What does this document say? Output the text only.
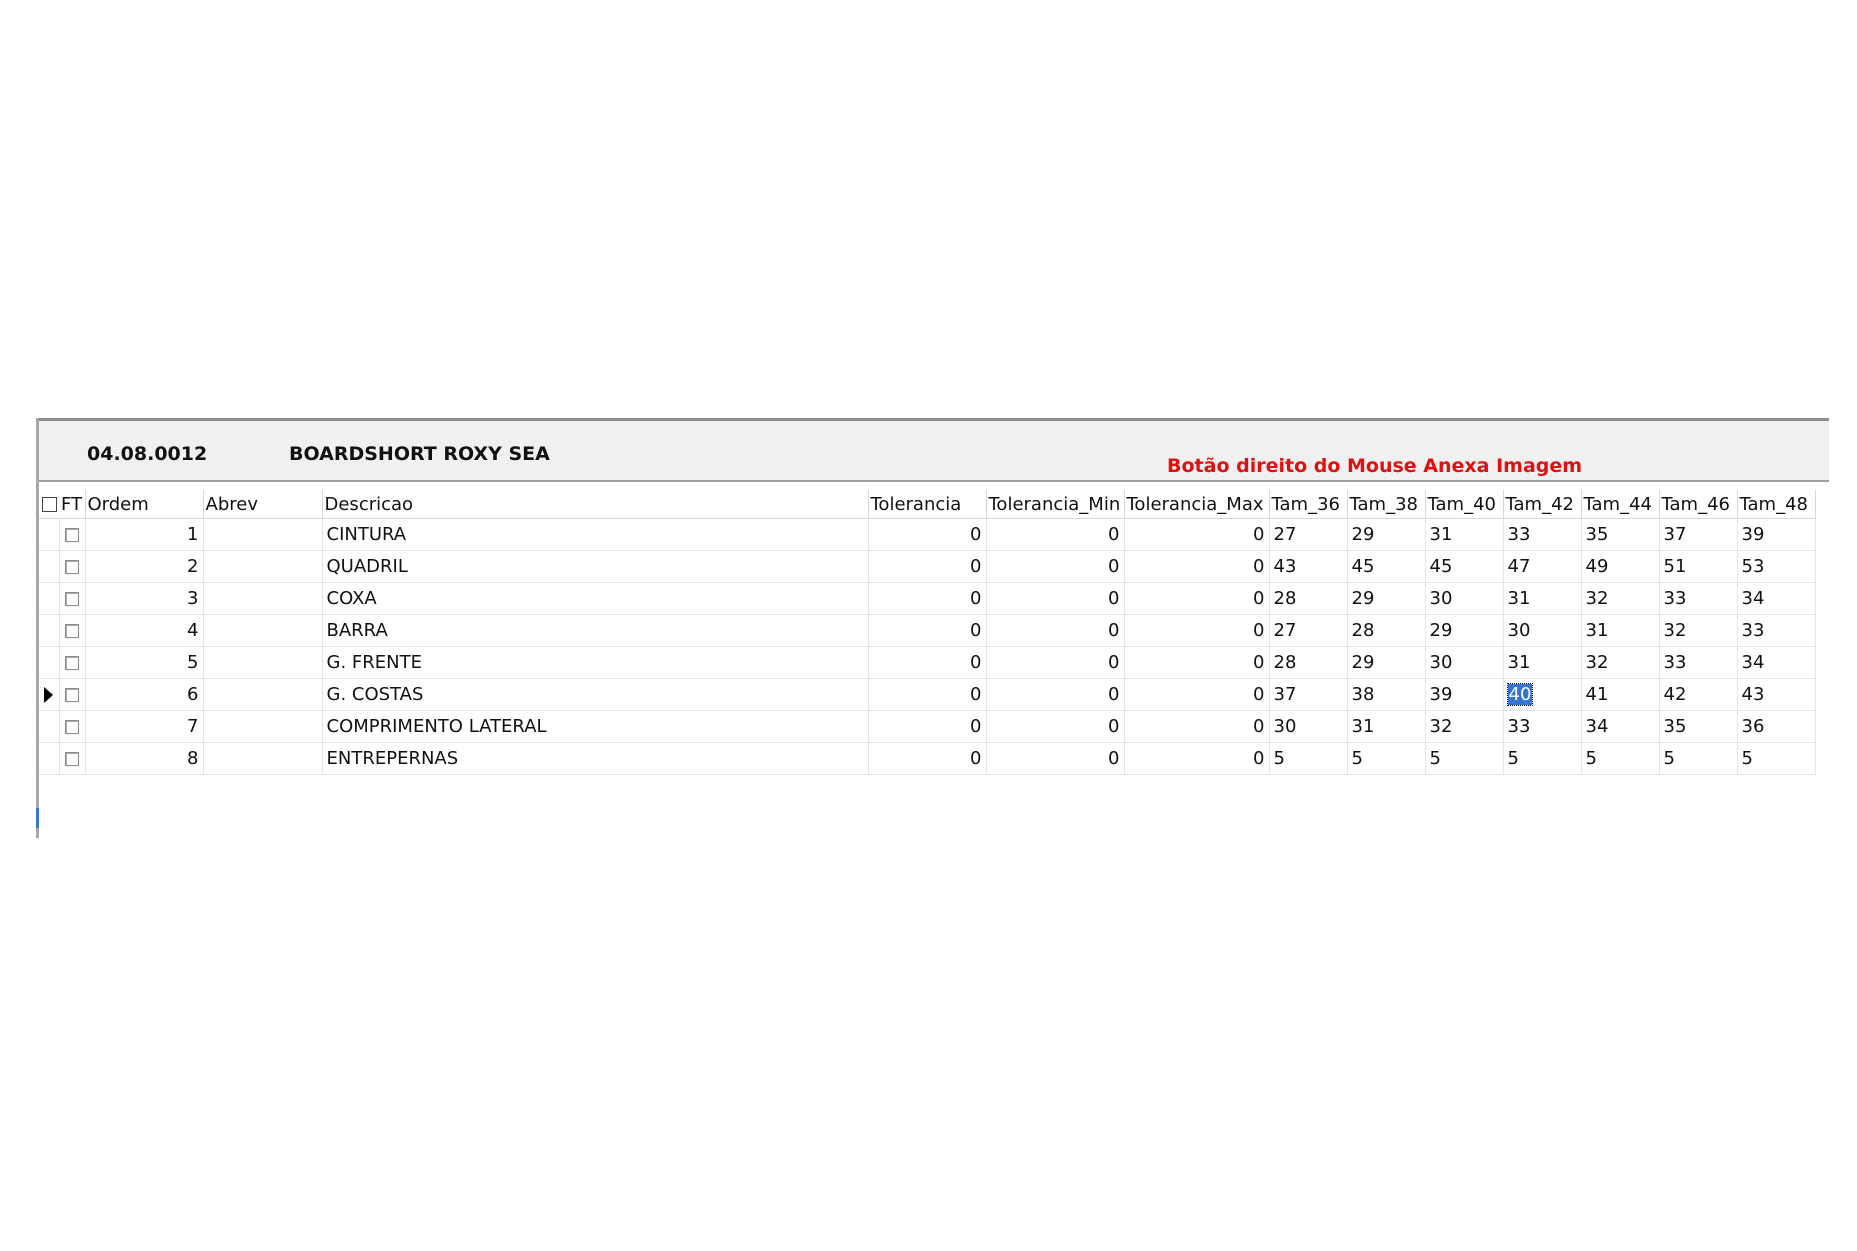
04.08.0012	BOARDSHORT ROXY SEA
Botão direito do Mouse Anexa Imagem
	FT	Ordem	Abrev	Descricao	Tolerancia	Tolerancia_Min	Tolerancia_Max	Tam_36	Tam_38	Tam_40	Tam_42	Tam_44	Tam_46	Tam_48
		1		CINTURA	0	0	0	27	29	31	33	35	37	39
		2		QUADRIL	0	0	0	43	45	45	47	49	51	53
		3		COXA	0	0	0	28	29	30	31	32	33	34
		4		BARRA	0	0	0	27	28	29	30	31	32	33
		5		G. FRENTE	0	0	0	28	29	30	31	32	33	34
		6		G. COSTAS	0	0	0	37	38	39	40	41	42	43
		7		COMPRIMENTO LATERAL	0	0	0	30	31	32	33	34	35	36
		8		ENTREPERNAS	0	0	0	5	5	5	5	5	5	5
